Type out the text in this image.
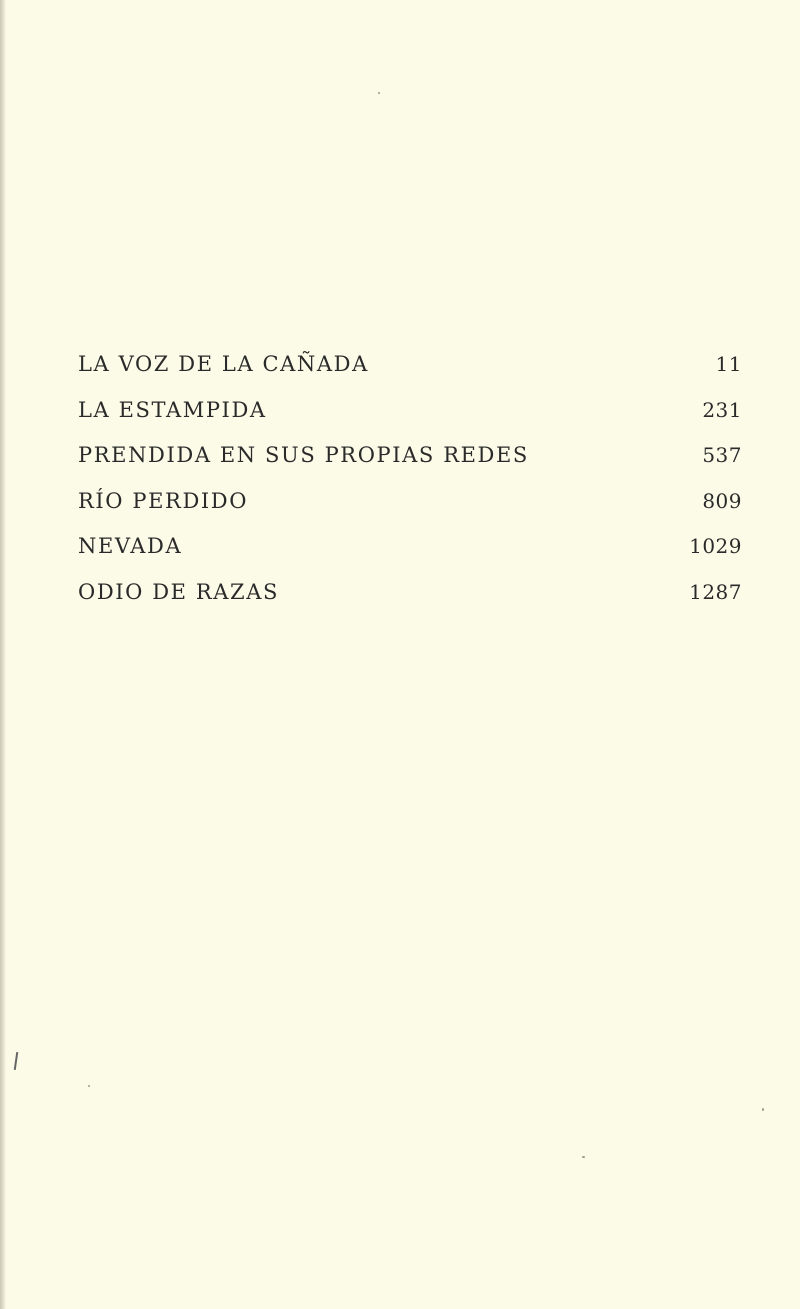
LA VOZ DE LA CAÑADA	11
LA ESTAMPIDA	231
PRENDIDA EN SUS PROPIAS REDES	537
RÍO PERDIDO	809
NEVADA	1029
ODIO DE RAZAS	1287
